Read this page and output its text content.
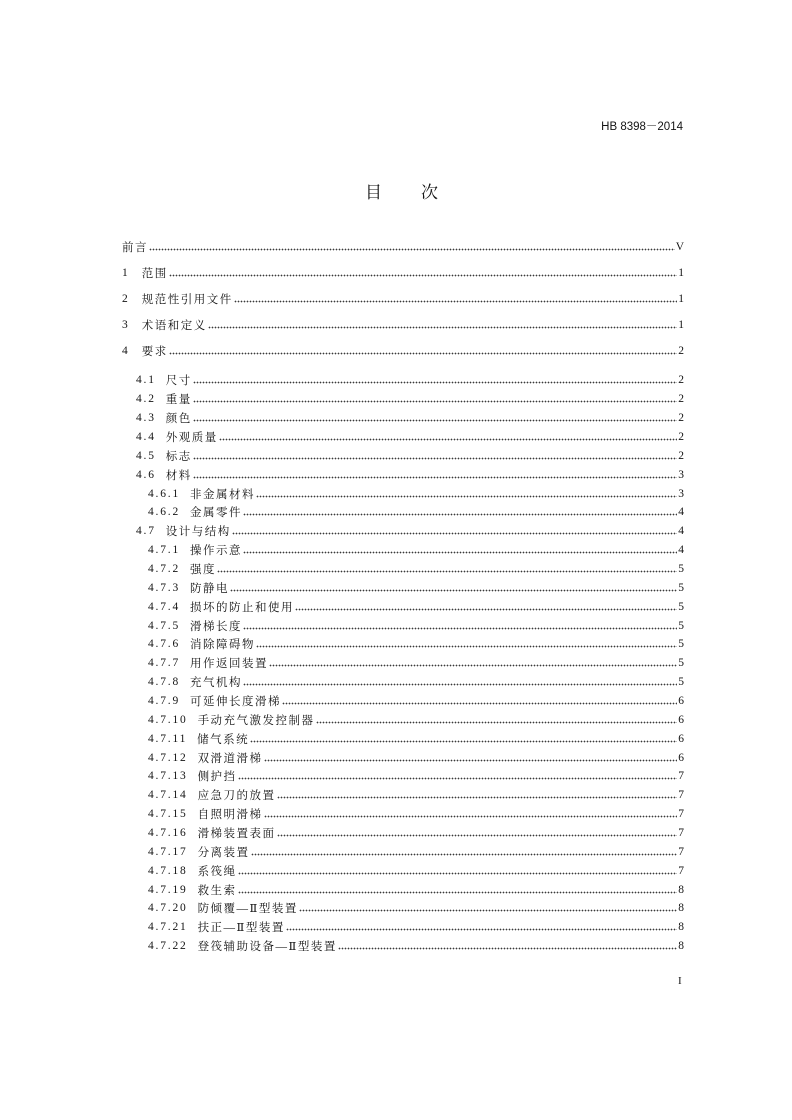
HB 8398－2014
目　次
前言	V
1 范围	1
2 规范性引用文件	1
3 术语和定义	1
4 要求	2
4.1 尺寸	2
4.2 重量	2
4.3 颜色	2
4.4 外观质量	2
4.5 标志	2
4.6 材料	3
4.6.1 非金属材料	3
4.6.2 金属零件	4
4.7 设计与结构	4
4.7.1 操作示意	4
4.7.2 强度	5
4.7.3 防静电	5
4.7.4 损坏的防止和使用	5
4.7.5 滑梯长度	5
4.7.6 消除障碍物	5
4.7.7 用作返回装置	5
4.7.8 充气机构	5
4.7.9 可延伸长度滑梯	6
4.7.10 手动充气激发控制器	6
4.7.11 储气系统	6
4.7.12 双滑道滑梯	6
4.7.13 侧护挡	7
4.7.14 应急刀的放置	7
4.7.15 自照明滑梯	7
4.7.16 滑梯装置表面	7
4.7.17 分离装置	7
4.7.18 系筏绳	7
4.7.19 救生索	8
4.7.20 防倾覆—Ⅱ型装置	8
4.7.21 扶正—Ⅱ型装置	8
4.7.22 登筏辅助设备—Ⅱ型装置	8
I
